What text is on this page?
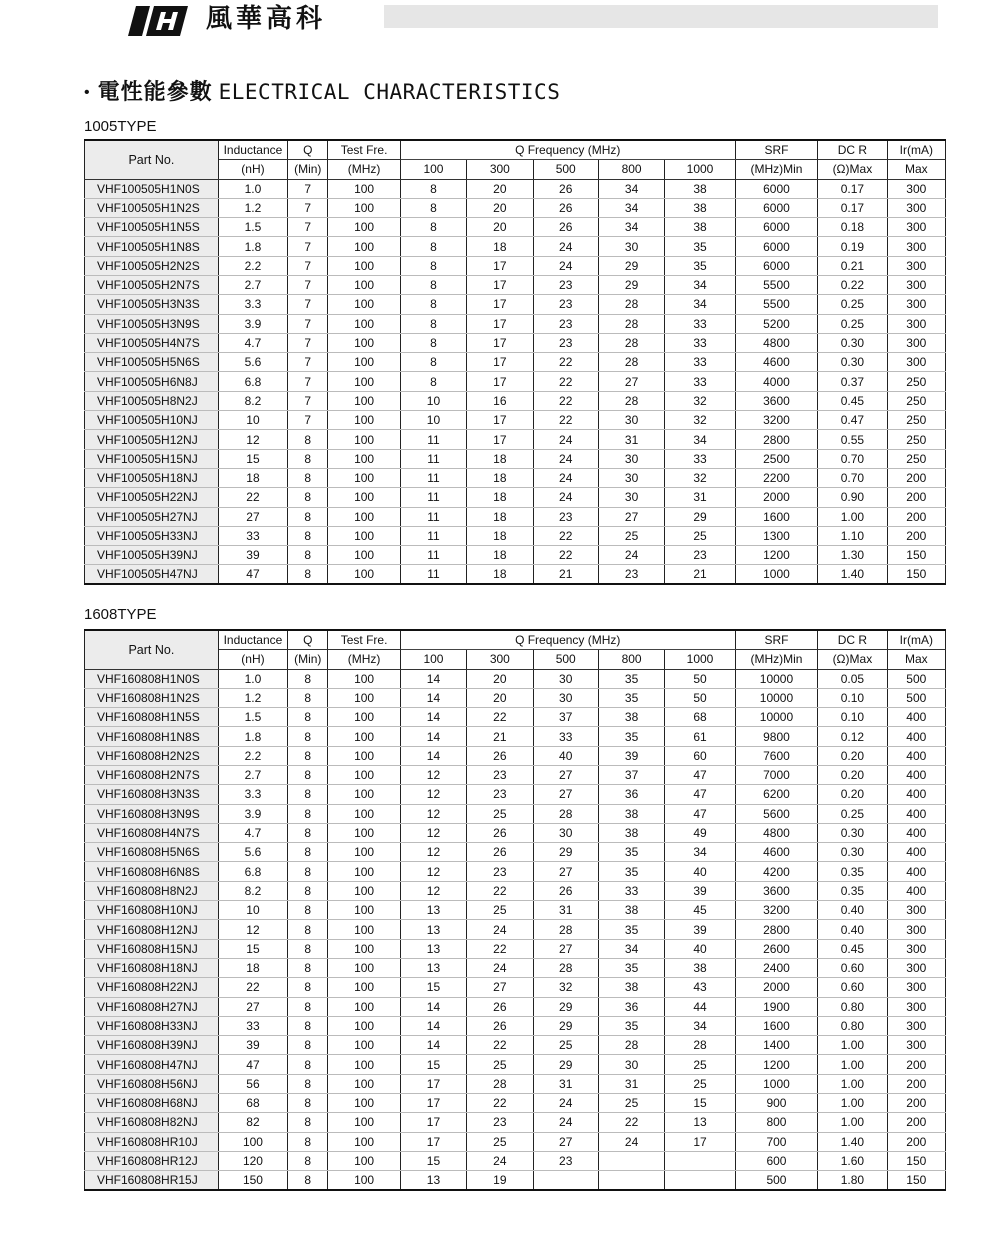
風華高科
• 電性能參數 ELECTRICAL CHARACTERISTICS
1005TYPE
Part No.	Inductance	Q	Test Fre.	Q Frequency (MHz)					SRF	DC R	Ir(mA)
	(nH)	(Min)	(MHz)	100	300	500	800	1000	(MHz)Min	(Ω)Max	Max
VHF100505H1N0S	1.0	7	100	8	20	26	34	38	6000	0.17	300
VHF100505H1N2S	1.2	7	100	8	20	26	34	38	6000	0.17	300
VHF100505H1N5S	1.5	7	100	8	20	26	34	38	6000	0.18	300
VHF100505H1N8S	1.8	7	100	8	18	24	30	35	6000	0.19	300
VHF100505H2N2S	2.2	7	100	8	17	24	29	35	6000	0.21	300
VHF100505H2N7S	2.7	7	100	8	17	23	29	34	5500	0.22	300
VHF100505H3N3S	3.3	7	100	8	17	23	28	34	5500	0.25	300
VHF100505H3N9S	3.9	7	100	8	17	23	28	33	5200	0.25	300
VHF100505H4N7S	4.7	7	100	8	17	23	28	33	4800	0.30	300
VHF100505H5N6S	5.6	7	100	8	17	22	28	33	4600	0.30	300
VHF100505H6N8J	6.8	7	100	8	17	22	27	33	4000	0.37	250
VHF100505H8N2J	8.2	7	100	10	16	22	28	32	3600	0.45	250
VHF100505H10NJ	10	7	100	10	17	22	30	32	3200	0.47	250
VHF100505H12NJ	12	8	100	11	17	24	31	34	2800	0.55	250
VHF100505H15NJ	15	8	100	11	18	24	30	33	2500	0.70	250
VHF100505H18NJ	18	8	100	11	18	24	30	32	2200	0.70	200
VHF100505H22NJ	22	8	100	11	18	24	30	31	2000	0.90	200
VHF100505H27NJ	27	8	100	11	18	23	27	29	1600	1.00	200
VHF100505H33NJ	33	8	100	11	18	22	25	25	1300	1.10	200
VHF100505H39NJ	39	8	100	11	18	22	24	23	1200	1.30	150
VHF100505H47NJ	47	8	100	11	18	21	23	21	1000	1.40	150
1608TYPE
Part No.	Inductance	Q	Test Fre.	Q Frequency (MHz)					SRF	DC R	Ir(mA)
	(nH)	(Min)	(MHz)	100	300	500	800	1000	(MHz)Min	(Ω)Max	Max
VHF160808H1N0S	1.0	8	100	14	20	30	35	50	10000	0.05	500
VHF160808H1N2S	1.2	8	100	14	20	30	35	50	10000	0.10	500
VHF160808H1N5S	1.5	8	100	14	22	37	38	68	10000	0.10	400
VHF160808H1N8S	1.8	8	100	14	21	33	35	61	9800	0.12	400
VHF160808H2N2S	2.2	8	100	14	26	40	39	60	7600	0.20	400
VHF160808H2N7S	2.7	8	100	12	23	27	37	47	7000	0.20	400
VHF160808H3N3S	3.3	8	100	12	23	27	36	47	6200	0.20	400
VHF160808H3N9S	3.9	8	100	12	25	28	38	47	5600	0.25	400
VHF160808H4N7S	4.7	8	100	12	26	30	38	49	4800	0.30	400
VHF160808H5N6S	5.6	8	100	12	26	29	35	34	4600	0.30	400
VHF160808H6N8S	6.8	8	100	12	23	27	35	40	4200	0.35	400
VHF160808H8N2J	8.2	8	100	12	22	26	33	39	3600	0.35	400
VHF160808H10NJ	10	8	100	13	25	31	38	45	3200	0.40	300
VHF160808H12NJ	12	8	100	13	24	28	35	39	2800	0.40	300
VHF160808H15NJ	15	8	100	13	22	27	34	40	2600	0.45	300
VHF160808H18NJ	18	8	100	13	24	28	35	38	2400	0.60	300
VHF160808H22NJ	22	8	100	15	27	32	38	43	2000	0.60	300
VHF160808H27NJ	27	8	100	14	26	29	36	44	1900	0.80	300
VHF160808H33NJ	33	8	100	14	26	29	35	34	1600	0.80	300
VHF160808H39NJ	39	8	100	14	22	25	28	28	1400	1.00	300
VHF160808H47NJ	47	8	100	15	25	29	30	25	1200	1.00	200
VHF160808H56NJ	56	8	100	17	28	31	31	25	1000	1.00	200
VHF160808H68NJ	68	8	100	17	22	24	25	15	900	1.00	200
VHF160808H82NJ	82	8	100	17	23	24	22	13	800	1.00	200
VHF160808HR10J	100	8	100	17	25	27	24	17	700	1.40	200
VHF160808HR12J	120	8	100	15	24	23			600	1.60	150
VHF160808HR15J	150	8	100	13	19				500	1.80	150
